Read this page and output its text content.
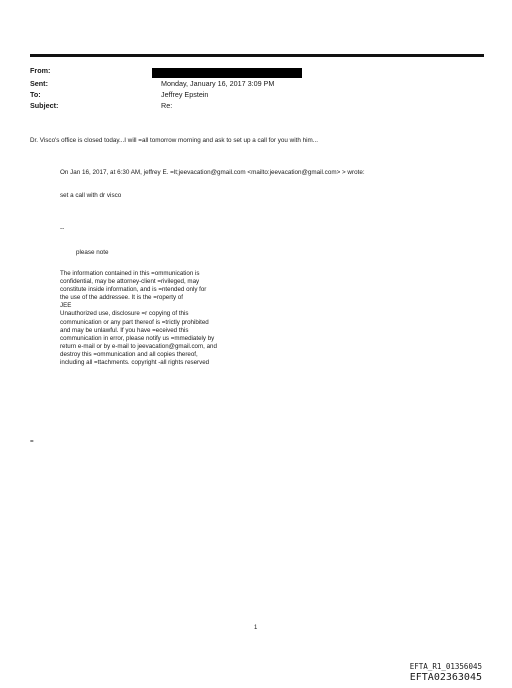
From:
Sent:	Monday, January 16, 2017 3:09 PM
To:	Jeffrey Epstein
Subject:	Re:
Dr. Visco's office is closed today...I will =all tomorrow morning and ask to set up a call for you with him...
On Jan 16, 2017, at 6:30 AM, jeffrey E. =lt;jeevacation@gmail.com <mailto:jeevacation@gmail.com> > wrote:
set a call with dr visco
--
please note
The information contained in this =ommunication is
confidential, may be attorney-client =rivileged, may
constitute inside information, and is =ntended only for
the use of the addressee. It is the =roperty of
JEE
Unauthorized use, disclosure =r copying of this
communication or any part thereof is =trictly prohibited
and may be unlawful. If you have =eceived this
communication in error, please notify us =mmediately by
return e-mail or by e-mail to jeevacation@gmail.com, and
destroy this =ommunication and all copies thereof,
including all =ttachments. copyright -all rights reserved
=
1
EFTA_R1_01356045
EFTA02363045
